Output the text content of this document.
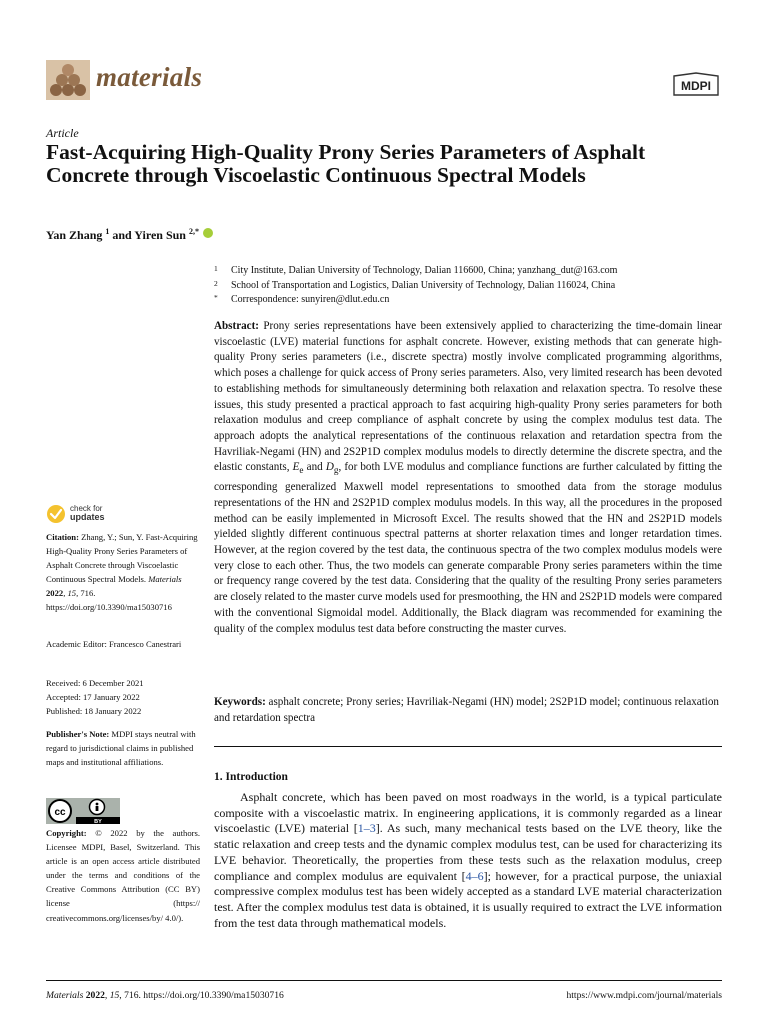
materials	MDPI
Article
Fast-Acquiring High-Quality Prony Series Parameters of Asphalt Concrete through Viscoelastic Continuous Spectral Models
Yan Zhang $^1$ and Yiren Sun $^{2,*}$
1 City Institute, Dalian University of Technology, Dalian 116600, China; yanzhang_dut@163.com
2 School of Transportation and Logistics, Dalian University of Technology, Dalian 116024, China
* Correspondence: sunyiren@dlut.edu.cn
Abstract: Prony series representations have been extensively applied to characterizing the time-domain linear viscoelastic (LVE) material functions for asphalt concrete. However, existing methods that can generate high-quality Prony series parameters (i.e., discrete spectra) mostly involve complicated programming algorithms, which poses a challenge for quick access of Prony series parameters. Also, very limited research has been devoted to establishing methods for simultaneously determining both relaxation and relaxation spectra. To resolve these issues, this study presented a practical approach to fast acquiring high-quality Prony series parameters for both relaxation modulus and creep compliance of asphalt concrete by using the complex modulus test data. The approach adopts the analytical representations of the continuous relaxation and retardation spectra from the Havriliak-Negami (HN) and 2S2P1D complex modulus models to directly determine the discrete spectra, and the elastic constants, $E_e$ and $D_g$, for both LVE modulus and compliance functions are further calculated by fitting the corresponding generalized Maxwell model representations to smoothed data from the storage modulus representations of the HN and 2S2P1D complex modulus models. In this way, all the procedures in the proposed method can be easily implemented in Microsoft Excel. The results showed that the HN and 2S2P1D models yielded slightly different continuous spectral patterns at shorter relaxation times and longer retardation times. However, at the region covered by the test data, the continuous spectra of the two complex modulus models were very close to each other. Thus, the two models can generate comparable Prony series parameters within the time or frequency range covered by the test data. Considering that the quality of the resulting Prony series parameters are closely related to the master curve models used for presmoothing, the HN and 2S2P1D models were compared with the conventional Sigmoidal model. Additionally, the Black diagram was recommended for examining the quality of the complex modulus test data before constructing the master curves.
Keywords: asphalt concrete; Prony series; Havriliak-Negami (HN) model; 2S2P1D model; continuous relaxation and retardation spectra
1. Introduction
Asphalt concrete, which has been paved on most roadways in the world, is a typical particulate composite with a viscoelastic matrix. In engineering applications, it is commonly regarded as a linear viscoelastic (LVE) material [1–3]. As such, many mechanical tests based on the LVE theory, like the static relaxation and creep tests and the dynamic complex modulus test, can be used for characterizing its LVE behavior. Theoretically, the properties from these tests such as the relaxation modulus, creep compliance and complex modulus are equivalent [4–6]; however, for a practical purpose, the uniaxial compressive complex modulus test has been widely accepted as a standard LVE material characterization test. After the complex modulus test data is obtained, it is usually required to extract the LVE information from the test data through mathematical models.
check for
updates
Citation: Zhang, Y.; Sun, Y. Fast-Acquiring High-Quality Prony Series Parameters of Asphalt Concrete through Viscoelastic Continuous Spectral Models. Materials 2022, 15, 716. https://doi.org/10.3390/ma15030716
Academic Editor: Francesco Canestrari
Received: 6 December 2021
Accepted: 17 January 2022
Published: 18 January 2022
Publisher's Note: MDPI stays neutral with regard to jurisdictional claims in published maps and institutional affiliations.
cc
BY
Copyright: © 2022 by the authors. Licensee MDPI, Basel, Switzerland. This article is an open access article distributed under the terms and conditions of the Creative Commons Attribution (CC BY) license (https:// creativecommons.org/licenses/by/ 4.0/).
Materials 2022, 15, 716. https://doi.org/10.3390/ma15030716	https://www.mdpi.com/journal/materials
